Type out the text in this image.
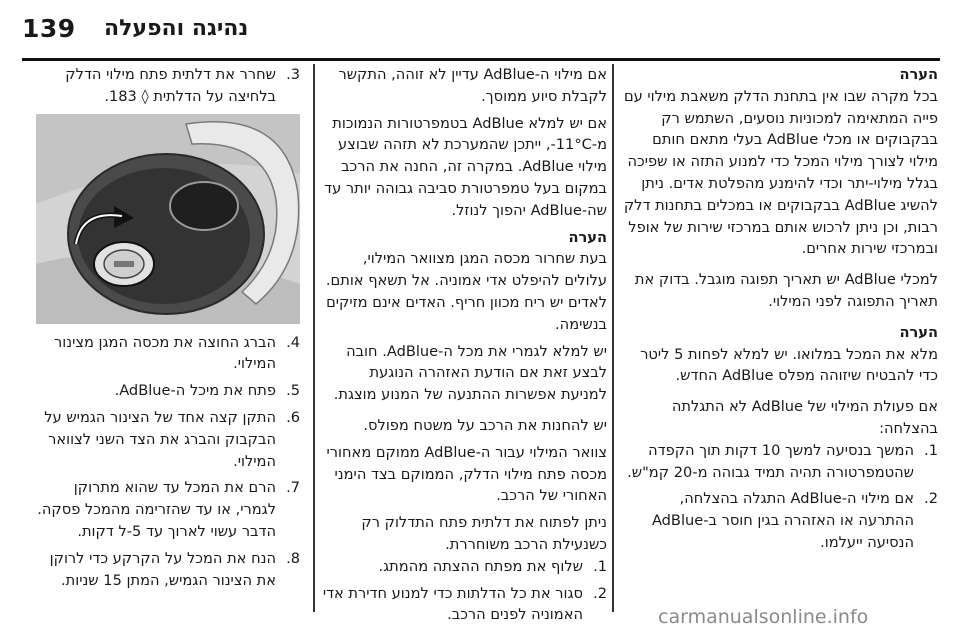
139 נהיגה והפעלה

הערה

בכל מקרה שבו אין בתחנת הדלק משאבת מילוי עם פייה המתאימה למכוניות נוסעים, השתמש רק בבקבוקים או מכלי AdBlue בעלי מתאם חותם מילוי לצורך מילוי המכל כדי למנוע התזה או שפיכה בגלל מילוי-יתר וכדי להימנע מהפלטת אדים. ניתן להשיג AdBlue בבקבוקים או במכלים בתחנות דלק רבות, וכן ניתן לרכוש אותם במרכזי שירות של אופל ובמרכזי שירות אחרים.

למכלי AdBlue יש תאריך תפוגה מוגבל. בדוק את תאריך התפוגה לפני המילוי.

הערה

מלא את המכל במלואו. יש למלא לפחות 5 ליטר כדי להבטיח שיזוהה מפלס AdBlue החדש.

אם פעולת המילוי של AdBlue לא התגלתה בהצלחה:

1.
המשך בנסיעה למשך 10 דקות תוך הקפדה שהטמפרטורה תהיה תמיד גבוהה מ-20 קמ"ש.
2.
אם מילוי ה-AdBlue התגלה בהצלחה, ההתרעה או האזהרה בגין חוסר ב-AdBlue הנסיעה ייעלמו.

אם מילוי ה-AdBlue עדיין לא זוהה, התקשר לקבלת סיוע ממוסך.

אם יש למלא AdBlue בטמפרטורות הנמוכות מ-11°C-, ייתכן שהמערכת לא תזהה שבוצע מילוי AdBlue. במקרה זה, החנה את הרכב במקום בעל טמפרטורת סביבה גבוהה יותר עד שה-AdBlue יהפוך לנוזל.

הערה

בעת שחרור מכסה המגן מצוואר המילוי, עלולים להיפלט אדי אמוניה. אל תשאף אותם. לאדים יש ריח מכוון חריף. האדים אינם מזיקים בנשימה.

יש למלא לגמרי את מכל ה-AdBlue. חובה לבצע זאת אם הודעת האזהרה הנוגעת למניעת אפשרות ההתנעה של המנוע מוצגת.

יש להחנות את הרכב על משטח מפולס.

צוואר המילוי עבור ה-AdBlue ממוקם מאחורי מכסה פתח מילוי הדלק, הממוקם בצד הימני האחורי של הרכב.

ניתן לפתוח את דלתית פתח התדלוק רק כשנעילת הרכב משוחררת.

1.
שלוף את מפתח ההצתה מהמתג.
2.
סגור את כל הדלתות כדי למנוע חדירת אדי האמוניה לפנים הרכב.
3.
שחרר את דלתית פתח מילוי הדלק בלחיצה על הדלתית ◊ 183.
4.
הברג החוצה את מכסה המגן מצינור המילוי.
5.
פתח את מיכל ה-AdBlue.
6.
התקן קצה אחד של הצינור הגמיש על הבקבוק והברג את הצד השני לצוואר המילוי.
7.
הרם את המכל עד שהוא מתרוקן לגמרי, או עד שהזרימה מהמכל פסקה. הדבר עשוי לארוך עד 5-ל דקות.
8.
הנח את המכל על הקרקע כדי לרוקן את הצינור הגמיש, המתן 15 שניות.
carmanualsonline.info
